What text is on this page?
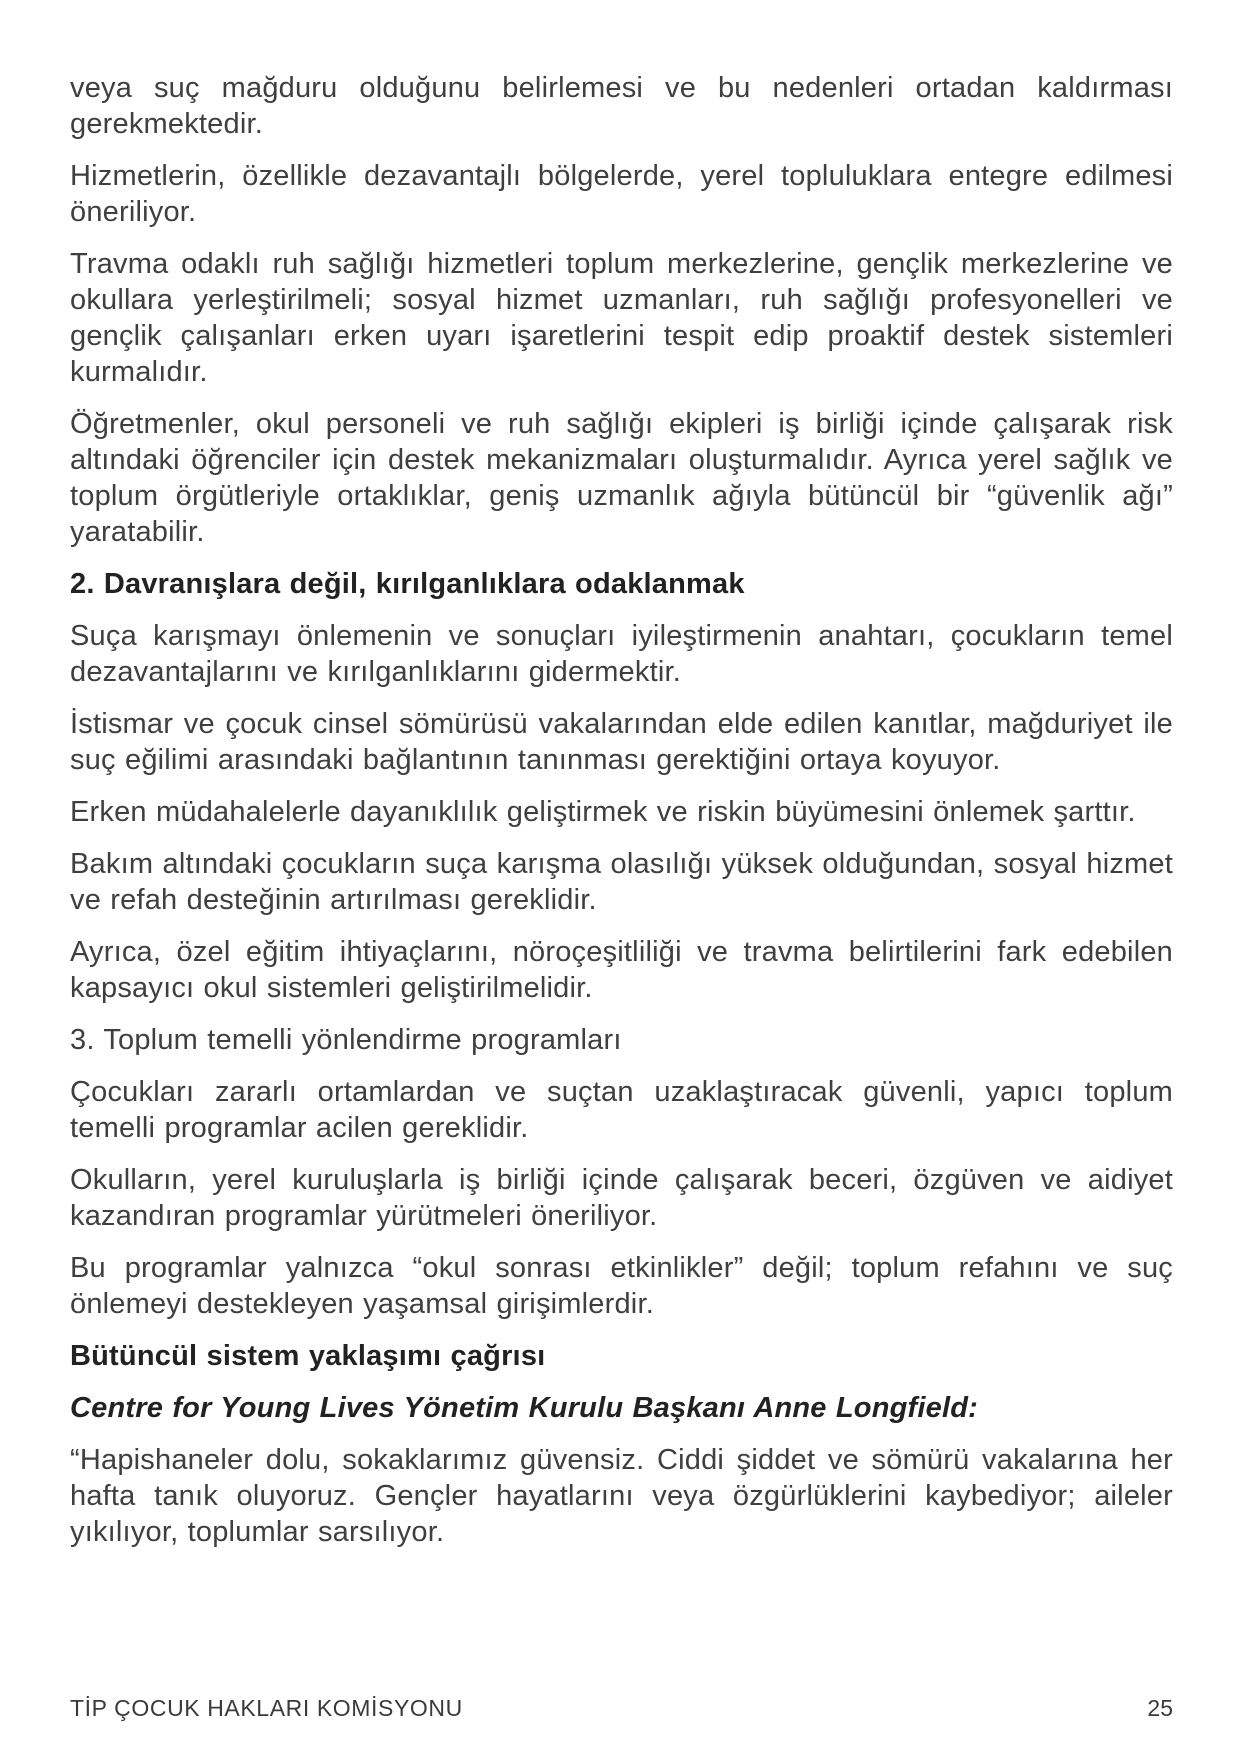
veya suç mağduru olduğunu belirlemesi ve bu nedenleri ortadan kaldırması gerekmektedir.

Hizmetlerin, özellikle dezavantajlı bölgelerde, yerel topluluklara entegre edilmesi öneriliyor.

Travma odaklı ruh sağlığı hizmetleri toplum merkezlerine, gençlik merkezlerine ve okullara yerleştirilmeli; sosyal hizmet uzmanları, ruh sağlığı profesyonelleri ve gençlik çalışanları erken uyarı işaretlerini tespit edip proaktif destek sistemleri kurmalıdır.

Öğretmenler, okul personeli ve ruh sağlığı ekipleri iş birliği içinde çalışarak risk altındaki öğrenciler için destek mekanizmaları oluşturmalıdır. Ayrıca yerel sağlık ve toplum örgütleriyle ortaklıklar, geniş uzmanlık ağıyla bütüncül bir “güvenlik ağı” yaratabilir.

2. Davranışlara değil, kırılganlıklara odaklanmak

Suça karışmayı önlemenin ve sonuçları iyileştirmenin anahtarı, çocukların temel dezavantajlarını ve kırılganlıklarını gidermektir.

İstismar ve çocuk cinsel sömürüsü vakalarından elde edilen kanıtlar, mağduriyet ile suç eğilimi arasındaki bağlantının tanınması gerektiğini ortaya koyuyor.

Erken müdahalelerle dayanıklılık geliştirmek ve riskin büyümesini önlemek şarttır.

Bakım altındaki çocukların suça karışma olasılığı yüksek olduğundan, sosyal hizmet ve refah desteğinin artırılması gereklidir.

Ayrıca, özel eğitim ihtiyaçlarını, nöroçeşitliliği ve travma belirtilerini fark edebilen kapsayıcı okul sistemleri geliştirilmelidir.

3. Toplum temelli yönlendirme programları

Çocukları zararlı ortamlardan ve suçtan uzaklaştıracak güvenli, yapıcı toplum temelli programlar acilen gereklidir.

Okulların, yerel kuruluşlarla iş birliği içinde çalışarak beceri, özgüven ve aidiyet kazandıran programlar yürütmeleri öneriliyor.

Bu programlar yalnızca “okul sonrası etkinlikler” değil; toplum refahını ve suç önlemeyi destekleyen yaşamsal girişimlerdir.

Bütüncül sistem yaklaşımı çağrısı

Centre for Young Lives Yönetim Kurulu Başkanı Anne Longfield:

“Hapishaneler dolu, sokaklarımız güvensiz. Ciddi şiddet ve sömürü vakalarına her hafta tanık oluyoruz. Gençler hayatlarını veya özgürlüklerini kaybediyor; aileler yıkılıyor, toplumlar sarsılıyor.

TİP ÇOCUK HAKLARI KOMİSYONU	25
